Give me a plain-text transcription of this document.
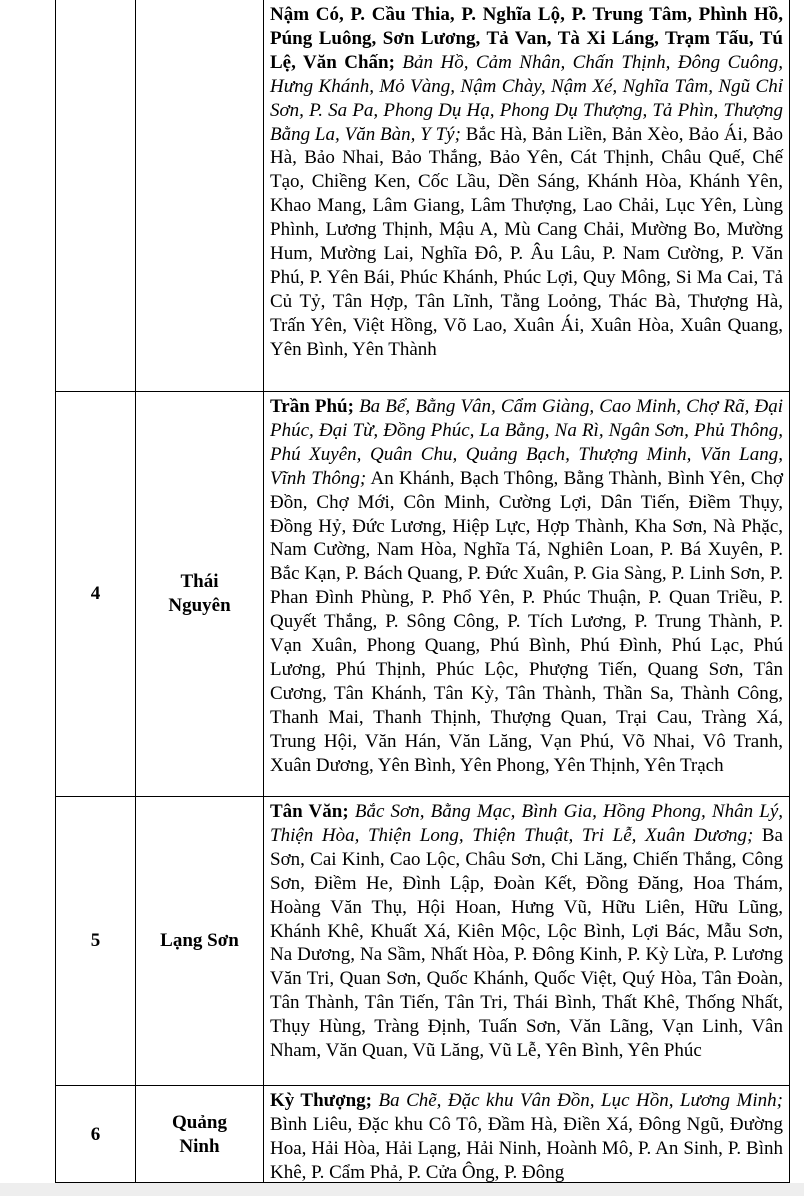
Nậm Có, P. Cầu Thia, P. Nghĩa Lộ, P. Trung Tâm, Phình Hồ, Púng Luông, Sơn Lương, Tả Van, Tà Xi Láng, Trạm Tấu, Tú Lệ, Văn Chấn; Bản Hồ, Cảm Nhân, Chấn Thịnh, Đông Cuông, Hưng Khánh, Mỏ Vàng, Nậm Chày, Nậm Xé, Nghĩa Tâm, Ngũ Chỉ Sơn, P. Sa Pa, Phong Dụ Hạ, Phong Dụ Thượng, Tả Phìn, Thượng Bằng La, Văn Bàn, Y Tý; Bắc Hà, Bản Liền, Bản Xèo, Bảo Ái, Bảo Hà, Bảo Nhai, Bảo Thắng, Bảo Yên, Cát Thịnh, Châu Quế, Chế Tạo, Chiềng Ken, Cốc Lầu, Dền Sáng, Khánh Hòa, Khánh Yên, Khao Mang, Lâm Giang, Lâm Thượng, Lao Chải, Lục Yên, Lùng Phình, Lương Thịnh, Mậu A, Mù Cang Chải, Mường Bo, Mường Hum, Mường Lai, Nghĩa Đô, P. Âu Lâu, P. Nam Cường, P. Văn Phú, P. Yên Bái, Phúc Khánh, Phúc Lợi, Quy Mông, Si Ma Cai, Tả Củ Tỷ, Tân Hợp, Tân Lĩnh, Tằng Loỏng, Thác Bà, Thượng Hà, Trấn Yên, Việt Hồng, Võ Lao, Xuân Ái, Xuân Hòa, Xuân Quang, Yên Bình, Yên Thành

4
Thái Nguyên

Trần Phú; Ba Bể, Bằng Vân, Cẩm Giàng, Cao Minh, Chợ Rã, Đại Phúc, Đại Từ, Đồng Phúc, La Bằng, Na Rì, Ngân Sơn, Phủ Thông, Phú Xuyên, Quân Chu, Quảng Bạch, Thượng Minh, Văn Lang, Vĩnh Thông; An Khánh, Bạch Thông, Bằng Thành, Bình Yên, Chợ Đồn, Chợ Mới, Côn Minh, Cường Lợi, Dân Tiến, Điềm Thụy, Đồng Hỷ, Đức Lương, Hiệp Lực, Hợp Thành, Kha Sơn, Nà Phặc, Nam Cường, Nam Hòa, Nghĩa Tá, Nghiên Loan, P. Bá Xuyên, P. Bắc Kạn, P. Bách Quang, P. Đức Xuân, P. Gia Sàng, P. Linh Sơn, P. Phan Đình Phùng, P. Phổ Yên, P. Phúc Thuận, P. Quan Triều, P. Quyết Thắng, P. Sông Công, P. Tích Lương, P. Trung Thành, P. Vạn Xuân, Phong Quang, Phú Bình, Phú Đình, Phú Lạc, Phú Lương, Phú Thịnh, Phúc Lộc, Phượng Tiến, Quang Sơn, Tân Cương, Tân Khánh, Tân Kỳ, Tân Thành, Thần Sa, Thành Công, Thanh Mai, Thanh Thịnh, Thượng Quan, Trại Cau, Tràng Xá, Trung Hội, Văn Hán, Văn Lăng, Vạn Phú, Võ Nhai, Vô Tranh, Xuân Dương, Yên Bình, Yên Phong, Yên Thịnh, Yên Trạch

5	Lạng Sơn

Tân Văn; Bắc Sơn, Bằng Mạc, Bình Gia, Hồng Phong, Nhân Lý, Thiện Hòa, Thiện Long, Thiện Thuật, Tri Lễ, Xuân Dương; Ba Sơn, Cai Kinh, Cao Lộc, Châu Sơn, Chi Lăng, Chiến Thắng, Công Sơn, Điềm He, Đình Lập, Đoàn Kết, Đồng Đăng, Hoa Thám, Hoàng Văn Thụ, Hội Hoan, Hưng Vũ, Hữu Liên, Hữu Lũng, Khánh Khê, Khuất Xá, Kiên Mộc, Lộc Bình, Lợi Bác, Mẫu Sơn, Na Dương, Na Sầm, Nhất Hòa, P. Đông Kinh, P. Kỳ Lừa, P. Lương Văn Tri, Quan Sơn, Quốc Khánh, Quốc Việt, Quý Hòa, Tân Đoàn, Tân Thành, Tân Tiến, Tân Tri, Thái Bình, Thất Khê, Thống Nhất, Thụy Hùng, Tràng Định, Tuấn Sơn, Văn Lãng, Vạn Linh, Vân Nham, Văn Quan, Vũ Lăng, Vũ Lễ, Yên Bình, Yên Phúc

6
Quảng Ninh

Kỳ Thượng; Ba Chẽ, Đặc khu Vân Đồn, Lục Hồn, Lương Minh; Bình Liêu, Đặc khu Cô Tô, Đầm Hà, Điền Xá, Đông Ngũ, Đường Hoa, Hải Hòa, Hải Lạng, Hải Ninh, Hoành Mô, P. An Sinh, P. Bình Khê, P. Cẩm Phả, P. Cửa Ông, P. Đông
